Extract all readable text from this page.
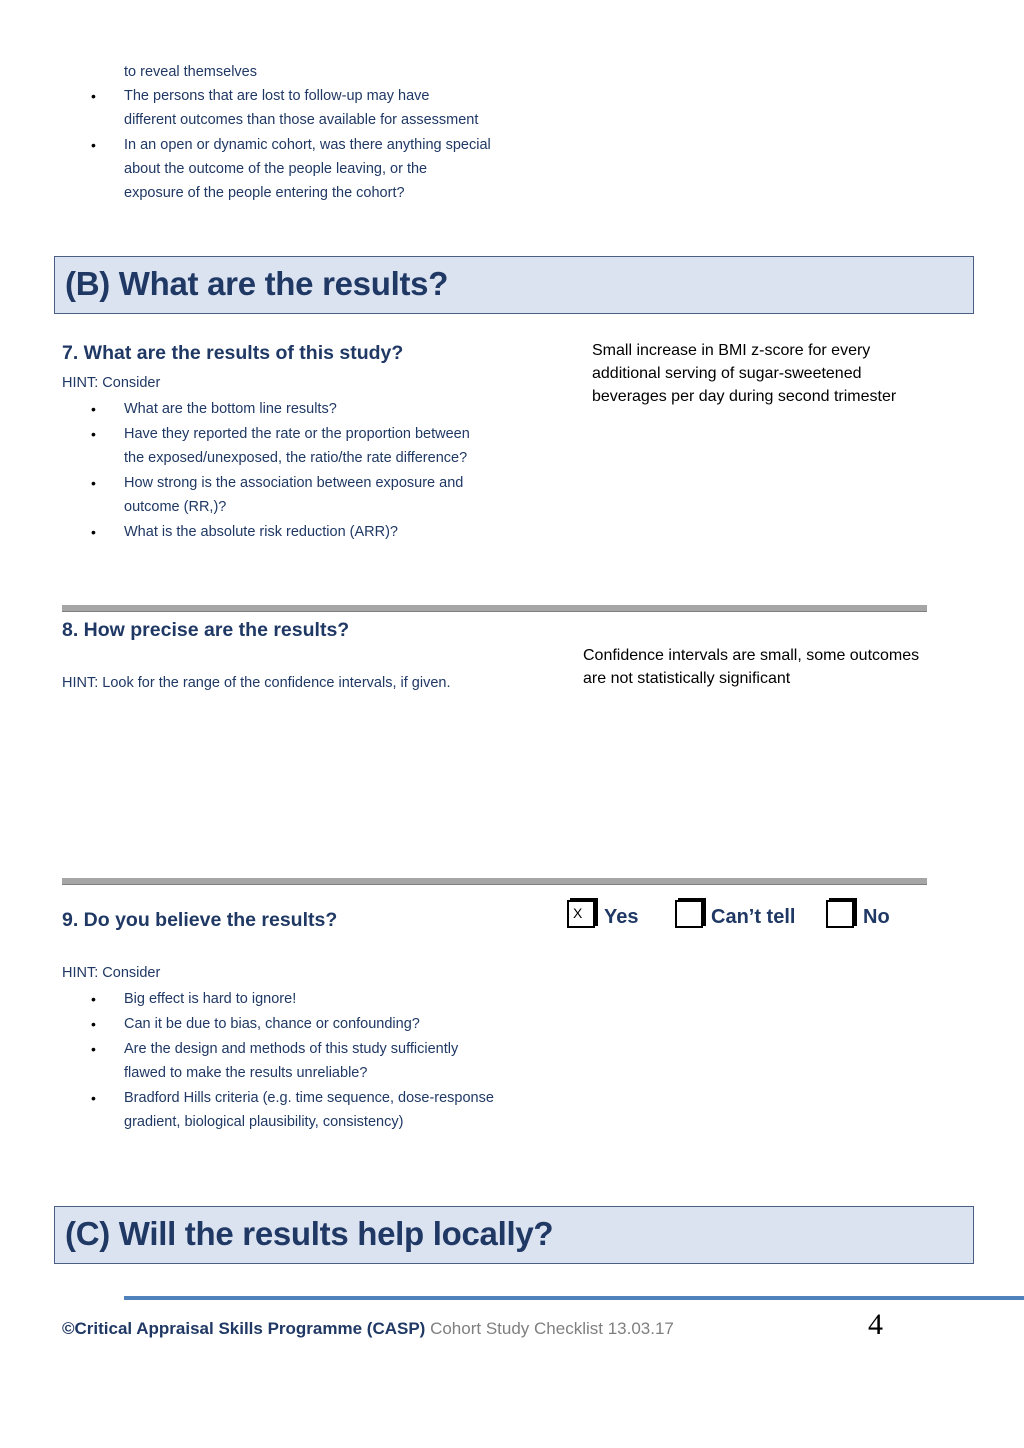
to reveal themselves
• The persons that are lost to follow-up may have
different outcomes than those available for assessment
• In an open or dynamic cohort, was there anything special
about the outcome of the people leaving, or the
exposure of the people entering the cohort?
(B) What are the results?
7. What are the results of this study?
HINT: Consider
• What are the bottom line results?
• Have they reported the rate or the proportion between
the exposed/unexposed, the ratio/the rate difference?
• How strong is the association between exposure and
outcome (RR,)?
• What is the absolute risk reduction (ARR)?
Small increase in BMI z-score for every
additional serving of sugar-sweetened
beverages per day during second trimester
8. How precise are the results?
HINT: Look for the range of the confidence intervals, if given.
Confidence intervals are small, some outcomes
are not statistically significant
9. Do you believe the results?	X	Yes	Can’t tell	No
HINT: Consider
• Big effect is hard to ignore!
• Can it be due to bias, chance or confounding?
• Are the design and methods of this study sufficiently
flawed to make the results unreliable?
• Bradford Hills criteria (e.g. time sequence, dose-response
gradient, biological plausibility, consistency)
(C) Will the results help locally?
©Critical Appraisal Skills Programme (CASP) Cohort Study Checklist 13.03.17	4
